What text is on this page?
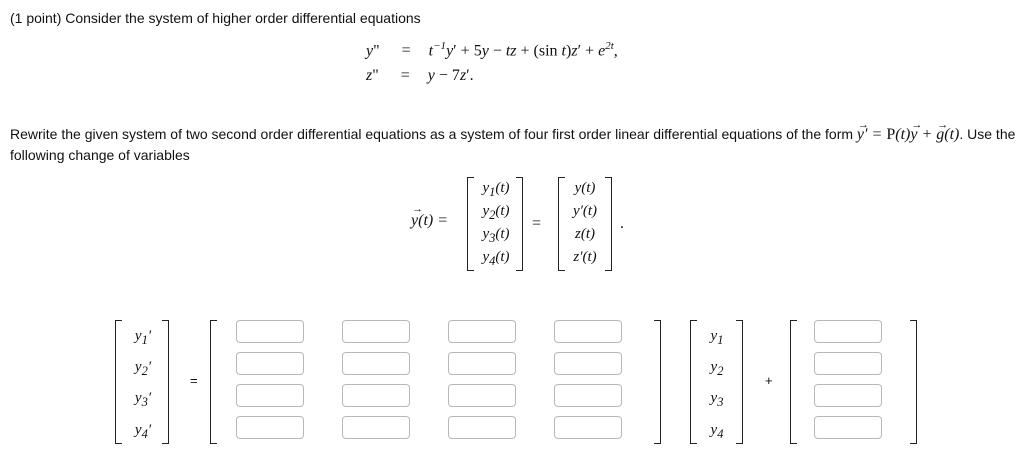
(1 point) Consider the system of higher order differential equations
y" = $t^{-1}y' + 5y$ − tz + (sin $t)z' + e^{2t}$,
z" = y − 7z′.
Rewrite the given system of two second order differential equations as a system of four first order linear differential equations of the form → y′ = P(t)→ y + → g(t). Use the following change of variables
→ y(t) =
$y_1(t)$
$y_2(t)$
$y_3(t)$
$y_4(t)$
=
y(t)
y′(t)
z(t)
z′(t)
.
$y_1'$
$y_2'$
$y_3'$
$y_4'$
=
$y_1$
$y_2$
$y_3$
$y_4$
+
